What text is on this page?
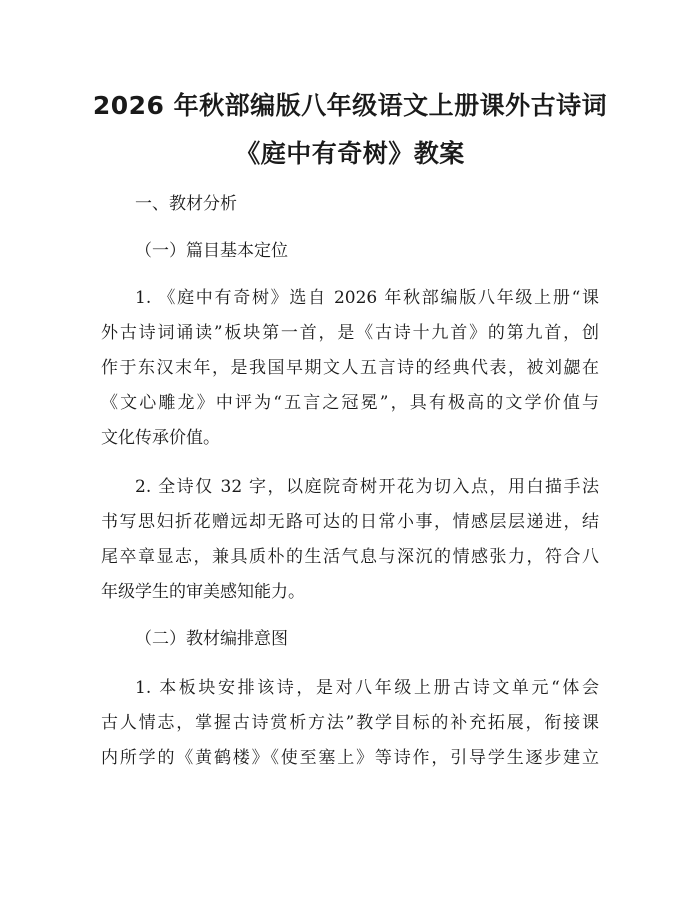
2026 年秋部编版八年级语文上册课外古诗词
《庭中有奇树》教案
一、教材分析
（一）篇目基本定位
1. 《庭中有奇树》选自 2026 年秋部编版八年级上册“课
外古诗词诵读”板块第一首，是《古诗十九首》的第九首，创
作于东汉末年，是我国早期文人五言诗的经典代表，被刘勰在
《文心雕龙》中评为“五言之冠冕”，具有极高的文学价值与
文化传承价值。
2. 全诗仅 32 字，以庭院奇树开花为切入点，用白描手法
书写思妇折花赠远却无路可达的日常小事，情感层层递进，结
尾卒章显志，兼具质朴的生活气息与深沉的情感张力，符合八
年级学生的审美感知能力。
（二）教材编排意图
1. 本板块安排该诗，是对八年级上册古诗文单元“体会
古人情志，掌握古诗赏析方法”教学目标的补充拓展，衔接课
内所学的《黄鹤楼》《使至塞上》等诗作，引导学生逐步建立
